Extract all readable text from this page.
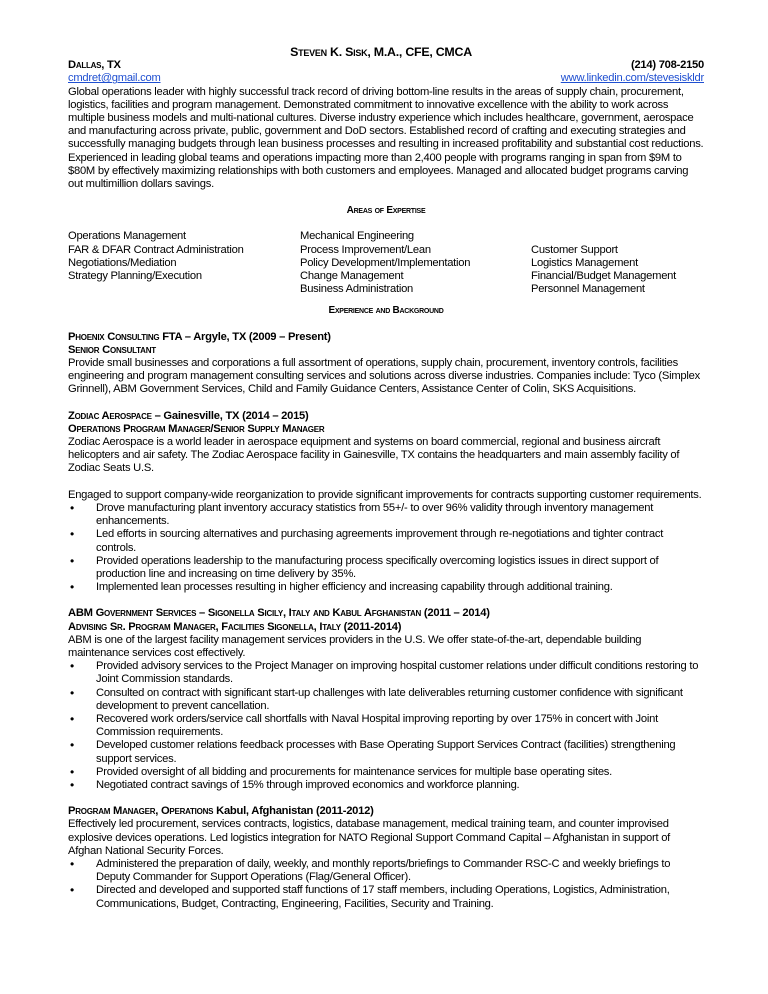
Steven K. Sisk, M.A., CFE, CMCA
Dallas, TX	(214) 708-2150
cmdret@gmail.com	www.linkedin.com/stevesiskldr
Global operations leader with highly successful track record of driving bottom-line results in the areas of supply chain, procurement, logistics, facilities and program management. Demonstrated commitment to innovative excellence with the ability to work across multiple business models and multi-national cultures. Diverse industry experience which includes healthcare, government, aerospace and manufacturing across private, public, government and DoD sectors. Established record of crafting and executing strategies and successfully managing budgets through lean business processes and resulting in increased profitability and substantial cost reductions. Experienced in leading global teams and operations impacting more than 2,400 people with programs ranging in span from $9M to $80M by effectively maximizing relationships with both customers and employees. Managed and allocated budget programs carving out multimillion dollars savings.
Areas of Expertise
Operations Management
FAR & DFAR Contract Administration
Negotiations/Mediation
Strategy Planning/Execution
Mechanical Engineering
Process Improvement/Lean
Policy Development/Implementation
Change Management
Business Administration

Customer Support
Logistics Management
Financial/Budget Management
Personnel Management
Experience and Background
Phoenix Consulting FTA – Argyle, TX (2009 – Present)
Senior Consultant
Provide small businesses and corporations a full assortment of operations, supply chain, procurement, inventory controls, facilities engineering and program management consulting services and solutions across diverse industries. Companies include: Tyco (Simplex Grinnell), ABM Government Services, Child and Family Guidance Centers, Assistance Center of Colin, SKS Acquisitions.
Zodiac Aerospace – Gainesville, TX (2014 – 2015)
Operations Program Manager/Senior Supply Manager
Zodiac Aerospace is a world leader in aerospace equipment and systems on board commercial, regional and business aircraft helicopters and air safety. The Zodiac Aerospace facility in Gainesville, TX contains the headquarters and main assembly facility of Zodiac Seats U.S.
Engaged to support company-wide reorganization to provide significant improvements for contracts supporting customer requirements.
• Drove manufacturing plant inventory accuracy statistics from 55+/- to over 96% validity through inventory management enhancements.
• Led efforts in sourcing alternatives and purchasing agreements improvement through re-negotiations and tighter contract controls.
• Provided operations leadership to the manufacturing process specifically overcoming logistics issues in direct support of production line and increasing on time delivery by 35%.
• Implemented lean processes resulting in higher efficiency and increasing capability through additional training.
ABM Government Services – Sigonella Sicily, Italy and Kabul Afghanistan (2011 – 2014)
Advising Sr. Program Manager, Facilities Sigonella, Italy (2011-2014)
ABM is one of the largest facility management services providers in the U.S. We offer state-of-the-art, dependable building maintenance services cost effectively.
• Provided advisory services to the Project Manager on improving hospital customer relations under difficult conditions restoring to Joint Commission standards.
• Consulted on contract with significant start-up challenges with late deliverables returning customer confidence with significant development to prevent cancellation.
• Recovered work orders/service call shortfalls with Naval Hospital improving reporting by over 175% in concert with Joint Commission requirements.
• Developed customer relations feedback processes with Base Operating Support Services Contract (facilities) strengthening support services.
• Provided oversight of all bidding and procurements for maintenance services for multiple base operating sites.
• Negotiated contract savings of 15% through improved economics and workforce planning.
Program Manager, Operations Kabul, Afghanistan (2011-2012)
Effectively led procurement, services contracts, logistics, database management, medical training team, and counter improvised explosive devices operations. Led logistics integration for NATO Regional Support Command Capital – Afghanistan in support of Afghan National Security Forces.
• Administered the preparation of daily, weekly, and monthly reports/briefings to Commander RSC-C and weekly briefings to Deputy Commander for Support Operations (Flag/General Officer).
• Directed and developed and supported staff functions of 17 staff members, including Operations, Logistics, Administration, Communications, Budget, Contracting, Engineering, Facilities, Security and Training.
